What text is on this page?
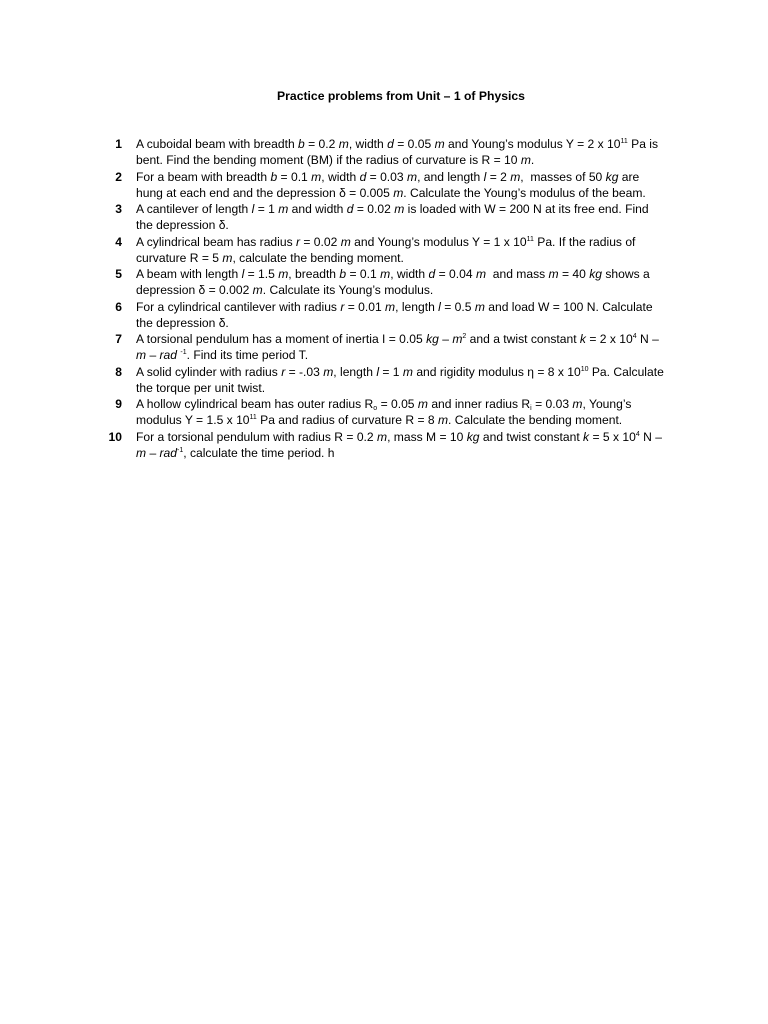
Practice problems from Unit – 1 of Physics
1 A cuboidal beam with breadth b = 0.2 m, width d = 0.05 m and Young’s modulus Y = 2 x $10^{11}$ Pa is bent. Find the bending moment (BM) if the radius of curvature is R = 10 m.
2 For a beam with breadth b = 0.1 m, width d = 0.03 m, and length l = 2 m,  masses of 50 kg are hung at each end and the depression δ = 0.005 m. Calculate the Young’s modulus of the beam.
3 A cantilever of length l = 1 m and width d = 0.02 m is loaded with W = 200 N at its free end. Find the depression δ.
4 A cylindrical beam has radius r = 0.02 m and Young’s modulus Y = 1 x $10^{11}$ Pa. If the radius of curvature R = 5 m, calculate the bending moment.
5 A beam with length l = 1.5 m, breadth b = 0.1 m, width d = 0.04 m  and mass m = 40 kg shows a depression δ = 0.002 m. Calculate its Young’s modulus.
6 For a cylindrical cantilever with radius r = 0.01 m, length l = 0.5 m and load W = 100 N. Calculate the depression δ.
7 A torsional pendulum has a moment of inertia I = 0.05 kg – $m^2$ and a twist constant k = 2 x $10^4$ N – m – rad $^{-1}$. Find its time period T.
8 A solid cylinder with radius r = -.03 m, length l = 1 m and rigidity modulus η = 8 x $10^{10}$ Pa. Calculate the torque per unit twist.
9 A hollow cylindrical beam has outer radius $R_o = 0.05$ m and inner radius $R_i = 0.03$ m, Young’s modulus Y = 1.5 x $10^{11}$ Pa and radius of curvature R = 8 m. Calculate the bending moment.
10 For a torsional pendulum with radius R = 0.2 m, mass M = 10 kg and twist constant k = 5 x $10^4$ N – m – rad$^{-1}$, calculate the time period. h
